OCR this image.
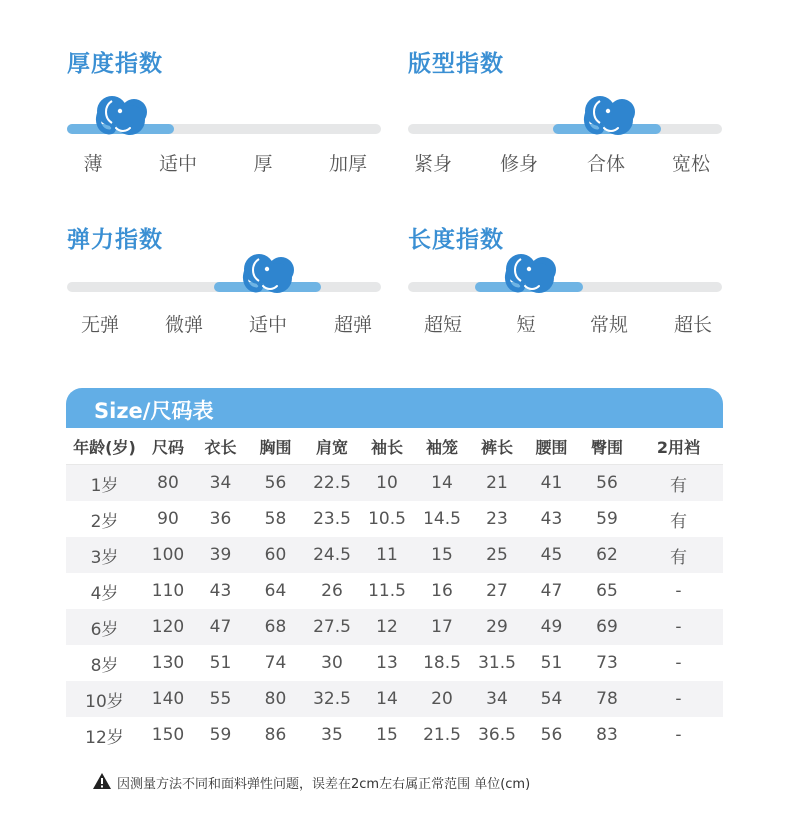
厚度指数
薄	适中	厚	加厚
版型指数
紧身	修身	合体 宽松
弹力指数
无弹 微弹 适中 超弹
长度指数
超短	短	常规 超长
Size/尺码表
年龄(岁)	尺码	衣长	胸围	肩宽	袖长	袖笼	裤长	腰围	臀围	2用裆
1岁	80	34	56	22.5	10	14	21	41	56	有
2岁	90	36	58	23.5	10.5	14.5	23	43	59	有
3岁	100	39	60	24.5	11	15	25	45	62	有
4岁	110	43	64	26	11.5	16	27	47	65	-
6岁	120	47	68	27.5	12	17	29	49	69	-
8岁	130	51	74	30	13	18.5	31.5	51	73	-
10岁	140	55	80	32.5	14	20	34	54	78	-
12岁	150	59	86	35	15	21.5	36.5	56	83	-
因测量方法不同和面料弹性问题，误差在2cm左右属正常范围 单位(cm)
